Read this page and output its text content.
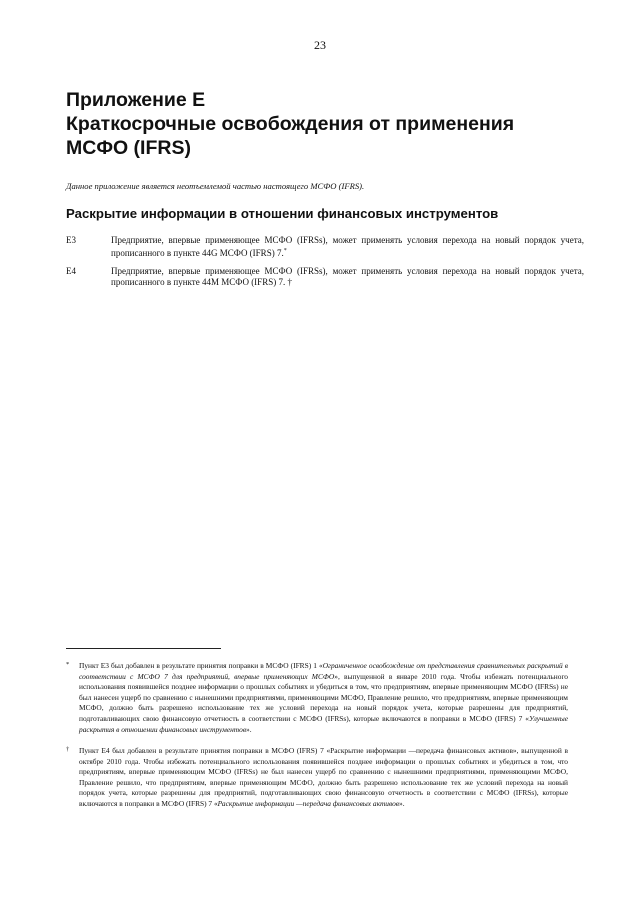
23
Приложение Е
Краткосрочные освобождения от применения
МСФО (IFRS)

Данное приложение является неотъемлемой частью настоящего МСФО (IFRS).

Раскрытие информации в отношении финансовых инструментов
Е3	Предприятие, впервые применяющее МСФО (IFRSs), может применять условия перехода на новый порядок учета, прописанного в пункте 44G МСФО (IFRS) 7.*
Е4	Предприятие, впервые применяющее МСФО (IFRSs), может применять условия перехода на новый порядок учета, прописанного в пункте 44M МСФО (IFRS) 7. †
* Пункт Е3 был добавлен в результате принятия поправки в МСФО (IFRS) 1 «Ограниченное освобождение от представления сравнительных раскрытий в соответствии с МСФО 7 для предприятий, впервые применяющих МСФО», выпущенной в январе 2010 года. Чтобы избежать потенциального использования появившейся позднее информации о прошлых событиях и убедиться в том, что предприятиям, впервые применяющим МСФО (IFRSs) не был нанесен ущерб по сравнению с нынешними предприятиями, применяющими МСФО, Правление решило, что предприятиям, впервые применяющим МСФО, должно быть разрешено использование тех же условий перехода на новый порядок учета, которые разрешены для предприятий, подготавливающих свою финансовую отчетность в соответствии с МСФО (IFRSs), которые включаются в поправки в МСФО (IFRS) 7 «Улучшенные раскрытия в отношении финансовых инструментов».
† Пункт Е4 был добавлен в результате принятия поправки в МСФО (IFRS) 7 «Раскрытие информации —передача финансовых активов», выпущенной в октябре 2010 года. Чтобы избежать потенциального использования появившейся позднее информации о прошлых событиях и убедиться в том, что предприятиям, впервые применяющим МСФО (IFRSs) не был нанесен ущерб по сравнению с нынешними предприятиями, применяющими МСФО, Правление решило, что предприятиям, впервые применяющим МСФО, должно быть разрешено использование тех же условий перехода на новый порядок учета, которые разрешены для предприятий, подготавливающих свою финансовую отчетность в соответствии с МСФО (IFRSs), которые включаются в поправки в МСФО (IFRS) 7 «Раскрытие информации —передача финансовых активов».
